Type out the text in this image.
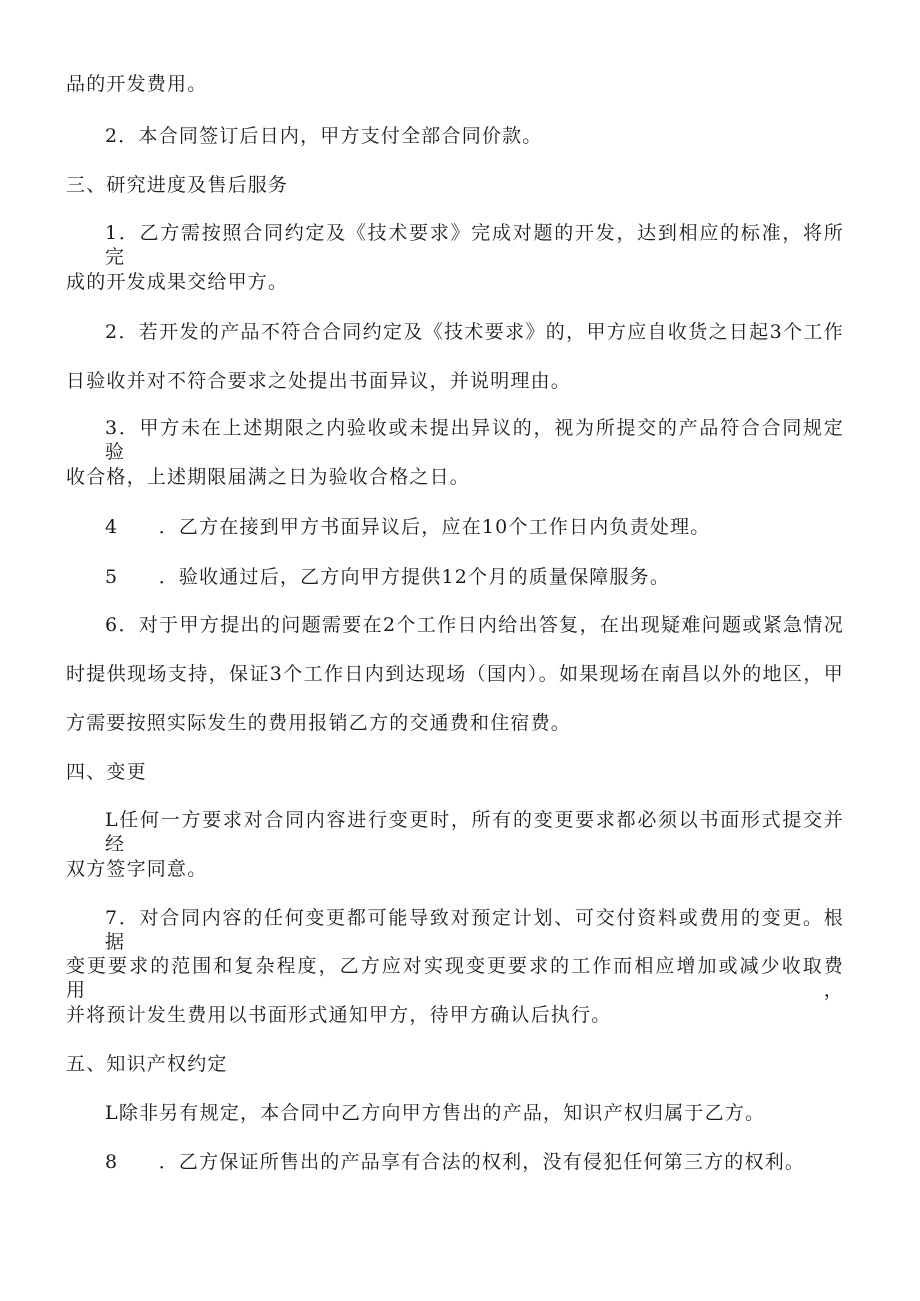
品的开发费用。
2．本合同签订后日内，甲方支付全部合同价款。
三、研究进度及售后服务
1．乙方需按照合同约定及《技术要求》完成对题的开发，达到相应的标准，将所完
成的开发成果交给甲方。
2．若开发的产品不符合合同约定及《技术要求》的，甲方应自收货之日起3个工作
日验收并对不符合要求之处提出书面异议，并说明理由。
3．甲方未在上述期限之内验收或未提出异议的，视为所提交的产品符合合同规定验
收合格，上述期限届满之日为验收合格之日。
4　　．乙方在接到甲方书面异议后，应在10个工作日内负责处理。
5　　．验收通过后，乙方向甲方提供12个月的质量保障服务。
6．对于甲方提出的问题需要在2个工作日内给出答复，在出现疑难问题或紧急情况
时提供现场支持，保证3个工作日内到达现场（国内）。如果现场在南昌以外的地区，甲
方需要按照实际发生的费用报销乙方的交通费和住宿费。
四、变更
L任何一方要求对合同内容进行变更时，所有的变更要求都必须以书面形式提交并经
双方签字同意。
7．对合同内容的任何变更都可能导致对预定计划、可交付资料或费用的变更。根据
变更要求的范围和复杂程度，乙方应对实现变更要求的工作而相应增加或减少收取费用，
并将预计发生费用以书面形式通知甲方，待甲方确认后执行。
五、知识产权约定
L除非另有规定，本合同中乙方向甲方售出的产品，知识产权归属于乙方。
8　　．乙方保证所售出的产品享有合法的权利，没有侵犯任何第三方的权利。
